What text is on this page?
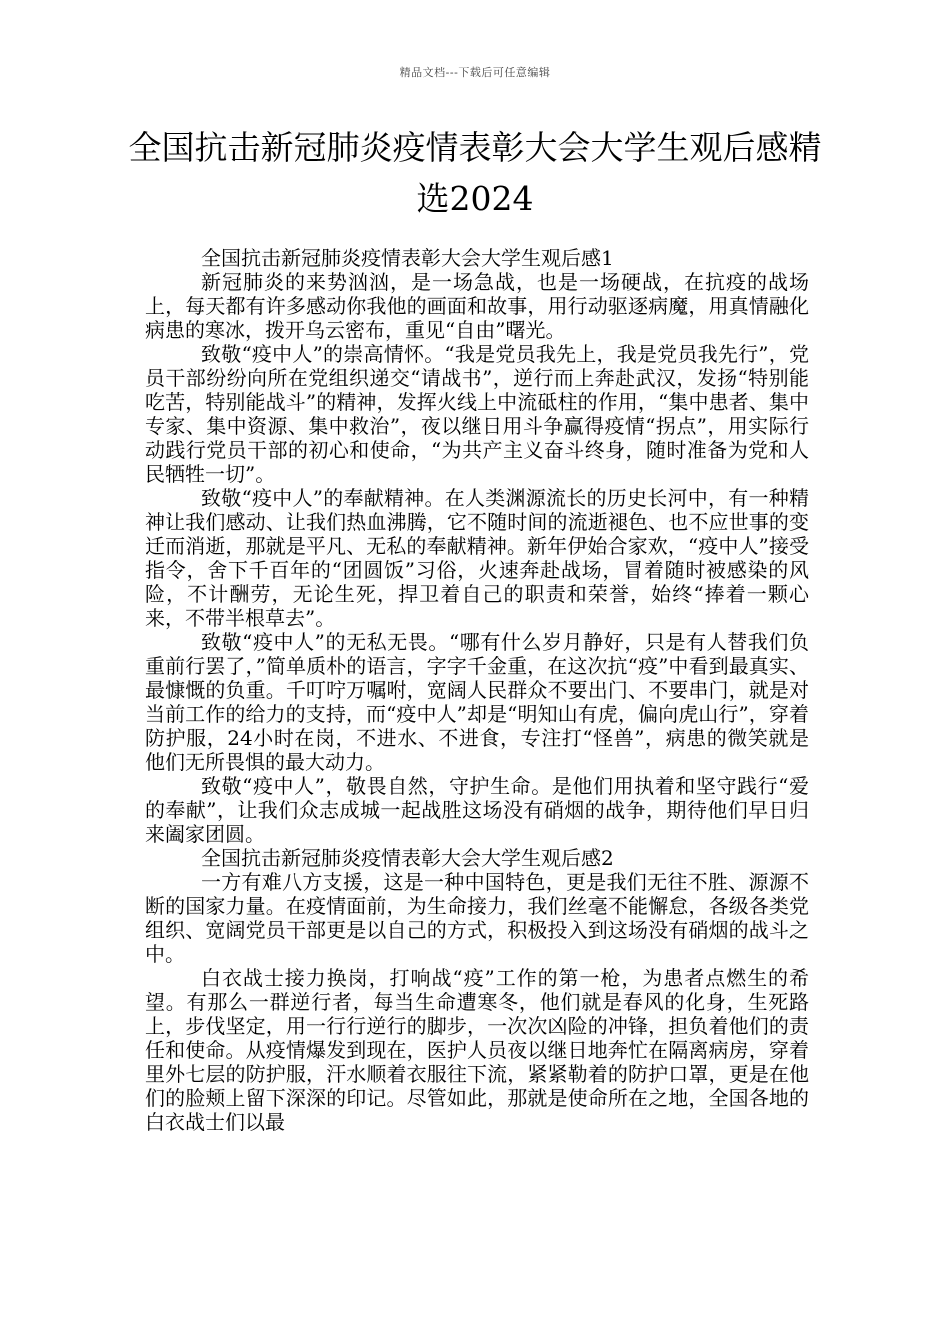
精品文档---下载后可任意编辑
全国抗击新冠肺炎疫情表彰大会大学生观后感精选2024

全国抗击新冠肺炎疫情表彰大会大学生观后感1

新冠肺炎的来势汹汹，是一场急战，也是一场硬战，在抗疫的战场上，每天都有许多感动你我他的画面和故事，用行动驱逐病魔，用真情融化病患的寒冰，拨开乌云密布，重见“自由”曙光。

致敬“疫中人”的崇高情怀。“我是党员我先上，我是党员我先行”，党员干部纷纷向所在党组织递交“请战书”，逆行而上奔赴武汉，发扬“特别能吃苦，特别能战斗”的精神，发挥火线上中流砥柱的作用，“集中患者、集中专家、集中资源、集中救治”，夜以继日用斗争赢得疫情“拐点”，用实际行动践行党员干部的初心和使命，“为共产主义奋斗终身，随时准备为党和人民牺牲一切”。

致敬“疫中人”的奉献精神。在人类渊源流长的历史长河中，有一种精神让我们感动、让我们热血沸腾，它不随时间的流逝褪色、也不应世事的变迁而消逝，那就是平凡、无私的奉献精神。新年伊始合家欢，“疫中人”接受指令，舍下千百年的“团圆饭”习俗，火速奔赴战场，冒着随时被感染的风险，不计酬劳，无论生死，捍卫着自己的职责和荣誉，始终“捧着一颗心来，不带半根草去”。

致敬“疫中人”的无私无畏。“哪有什么岁月静好，只是有人替我们负重前行罢了，”简单质朴的语言，字字千金重，在这次抗“疫”中看到最真实、最慷慨的负重。千叮咛万嘱咐，宽阔人民群众不要出门、不要串门，就是对当前工作的给力的支持，而“疫中人”却是“明知山有虎，偏向虎山行”，穿着防护服，24小时在岗，不进水、不进食，专注打“怪兽”，病患的微笑就是他们无所畏惧的最大动力。

致敬“疫中人”，敬畏自然，守护生命。是他们用执着和坚守践行“爱的奉献”，让我们众志成城一起战胜这场没有硝烟的战争，期待他们早日归来阖家团圆。

全国抗击新冠肺炎疫情表彰大会大学生观后感2

一方有难八方支援，这是一种中国特色，更是我们无往不胜、源源不断的国家力量。在疫情面前，为生命接力，我们丝毫不能懈怠，各级各类党组织、宽阔党员干部更是以自己的方式，积极投入到这场没有硝烟的战斗之中。

白衣战士接力换岗，打响战“疫”工作的第一枪，为患者点燃生的希望。有那么一群逆行者，每当生命遭寒冬，他们就是春风的化身，生死路上，步伐坚定，用一行行逆行的脚步，一次次凶险的冲锋，担负着他们的责任和使命。从疫情爆发到现在，医护人员夜以继日地奔忙在隔离病房，穿着里外七层的防护服，汗水顺着衣服往下流，紧紧勒着的防护口罩，更是在他们的脸颊上留下深深的印记。尽管如此，那就是使命所在之地，全国各地的白衣战士们以最
